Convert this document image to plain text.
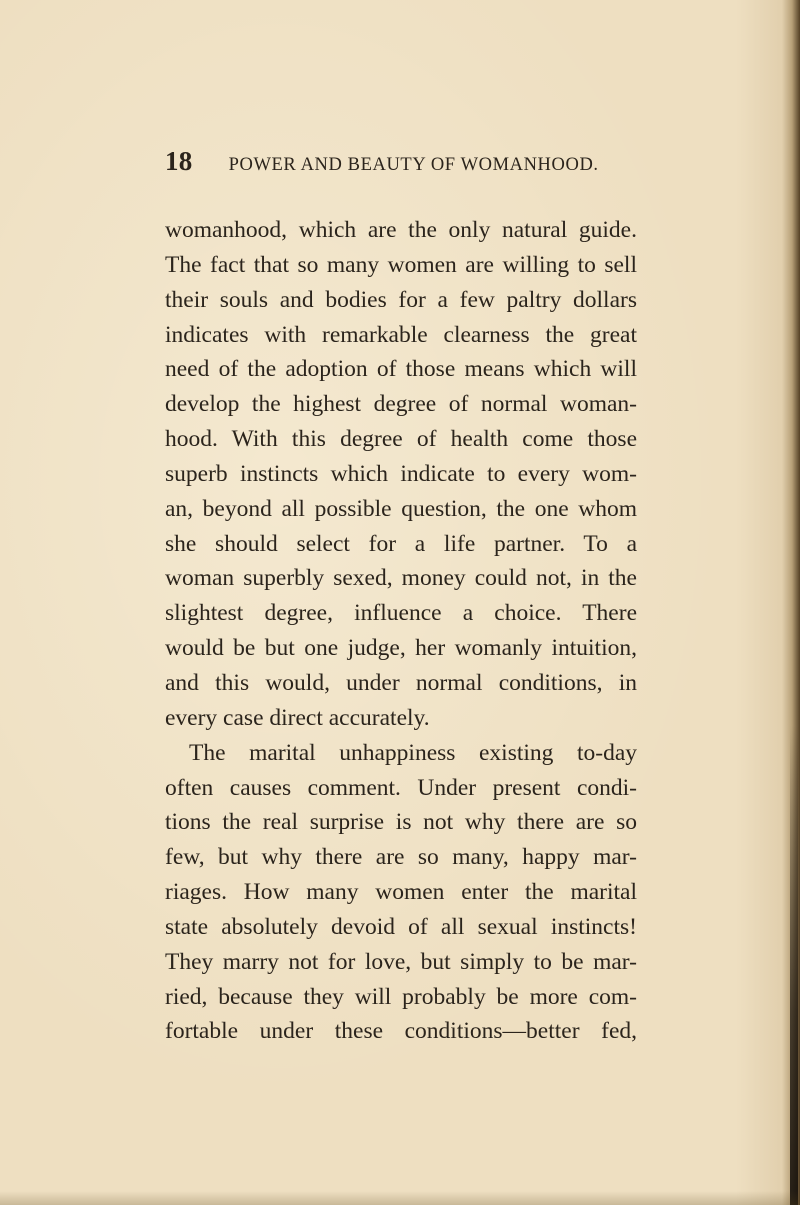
18 POWER AND BEAUTY OF WOMANHOOD.
womanhood, which are the only natural guide.
The fact that so many women are willing to sell
their souls and bodies for a few paltry dollars
indicates with remarkable clearness the great
need of the adoption of those means which will
develop the highest degree of normal woman-
hood. With this degree of health come those
superb instincts which indicate to every wom-
an, beyond all possible question, the one whom
she should select for a life partner. To a
woman superbly sexed, money could not, in the
slightest degree, influence a choice. There
would be but one judge, her womanly intuition,
and this would, under normal conditions, in
every case direct accurately.
The marital unhappiness existing to-day
often causes comment. Under present condi-
tions the real surprise is not why there are so
few, but why there are so many, happy mar-
riages. How many women enter the marital
state absolutely devoid of all sexual instincts!
They marry not for love, but simply to be mar-
ried, because they will probably be more com-
fortable under these conditions—better fed,
